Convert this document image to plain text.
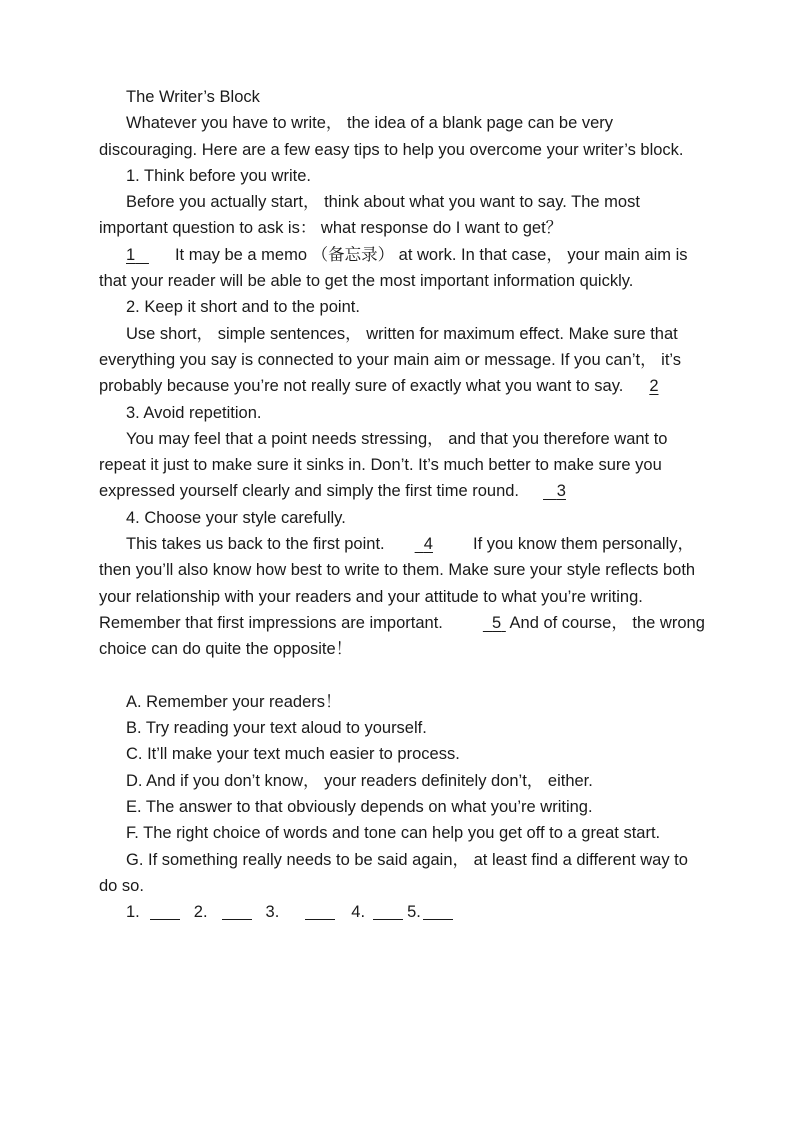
The Writer’s Block

Whatever you have to write， the idea of a blank page can be very discouraging. Here are a few easy tips to help you overcome your writer’s block.

1. Think before you write.

Before you actually start， think about what you want to say. The most important question to ask is： what response do I want to get？

1 It may be a memo （备忘录） at work. In that case， your main aim is that your reader will be able to get the most important information quickly.

2. Keep it short and to the point.

Use short， simple sentences， written for maximum effect. Make sure that everything you say is connected to your main aim or message. If you can’t， it’s probably because you’re not really sure of exactly what you want to say. 2

3. Avoid repetition.

You may feel that a point needs stressing， and that you therefore want to repeat it just to make sure it sinks in. Don’t. It’s much better to make sure you expressed yourself clearly and simply the first time round. 3

4. Choose your style carefully.

This takes us back to the first point. 4 If you know them personally， then you’ll also know how best to write to them. Make sure your style reflects both your relationship with your readers and your attitude to what you’re writing. Remember that first impressions are important.	5 And of course， the wrong choice can do quite the opposite！

A. Remember your readers！

B. Try reading your text aloud to yourself.

C. It’ll make your text much easier to process.

D. And if you don’t know， your readers definitely don’t， either.

E. The answer to that obviously depends on what you’re writing.

F. The right choice of words and tone can help you get off to a great start.

G. If something really needs to be said again， at least find a different way to do so.

1.	2.	3.	4.	5.
